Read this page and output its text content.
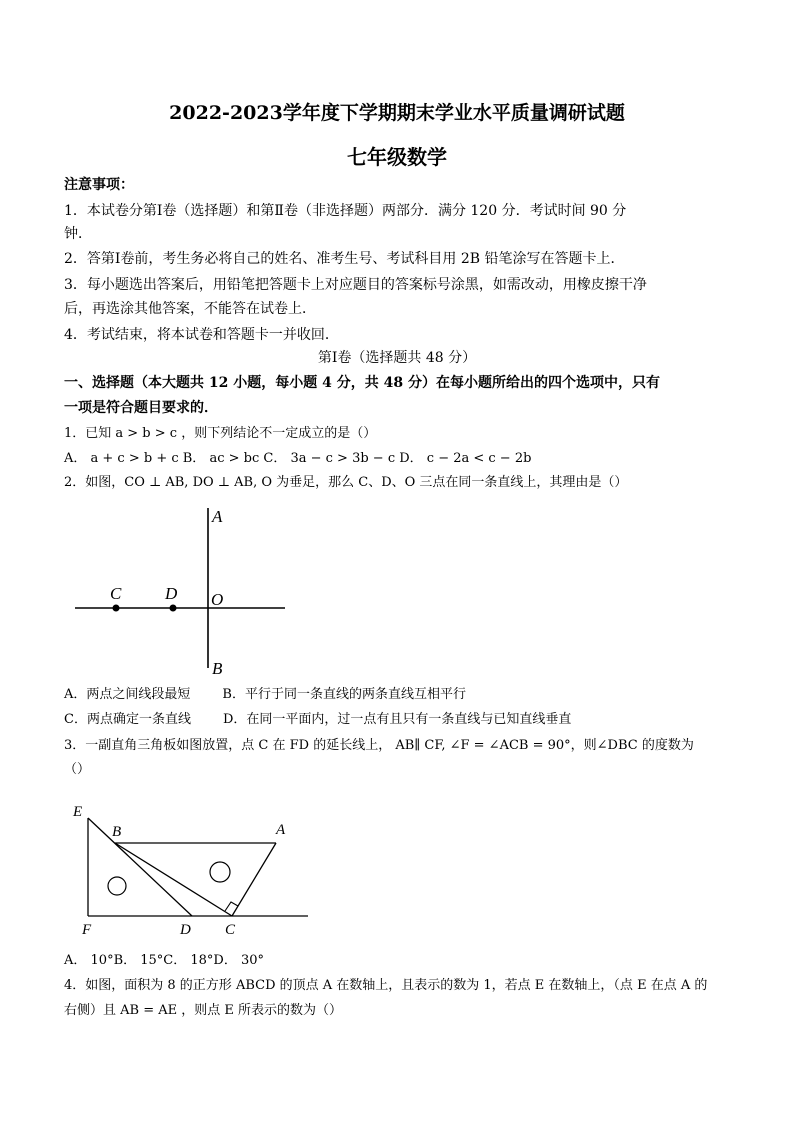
2022-2023学年度下学期期末学业水平质量调研试题
七年级数学
注意事项：
1．本试卷分第Ⅰ卷（选择题）和第Ⅱ卷（非选择题）两部分．满分 120 分．考试时间 90 分
钟．
2．答第Ⅰ卷前，考生务必将自己的姓名、准考生号、考试科目用 2B 铅笔涂写在答题卡上．
3．每小题选出答案后，用铅笔把答题卡上对应题目的答案标号涂黑，如需改动，用橡皮擦干净
后，再选涂其他答案，不能答在试卷上．
4．考试结束，将本试卷和答题卡一并收回．
第Ⅰ卷（选择题共 48 分）
一、选择题（本大题共 12 小题，每小题 4 分，共 48 分）在每小题所给出的四个选项中，只有
一项是符合题目要求的．
1．已知 a > b > c ，则下列结论不一定成立的是（）
A． a + c > b + c B． ac > bc C． 3a − c > 3b − c D． c − 2a < c − 2b
2．如图，CO ⊥ AB, DO ⊥ AB, O 为垂足，那么 C、D、O 三点在同一条直线上，其理由是（）
A
B
C	D O
A．两点之间线段最短 B．平行于同一条直线的两条直线互相平行
C．两点确定一条直线 D．在同一平面内，过一点有且只有一条直线与已知直线垂直
3．一副直角三角板如图放置，点 C 在 FD 的延长线上， AB∥ CF, ∠F = ∠ACB = 90°，则∠DBC 的度数为
（）
E
B	A
F	D C
A． 10°B． 15°C． 18°D． 30°
4．如图，面积为 8 的正方形 ABCD 的顶点 A 在数轴上，且表示的数为 1，若点 E 在数轴上，（点 E 在点 A 的
右侧）且 AB = AE ，则点 E 所表示的数为（）
